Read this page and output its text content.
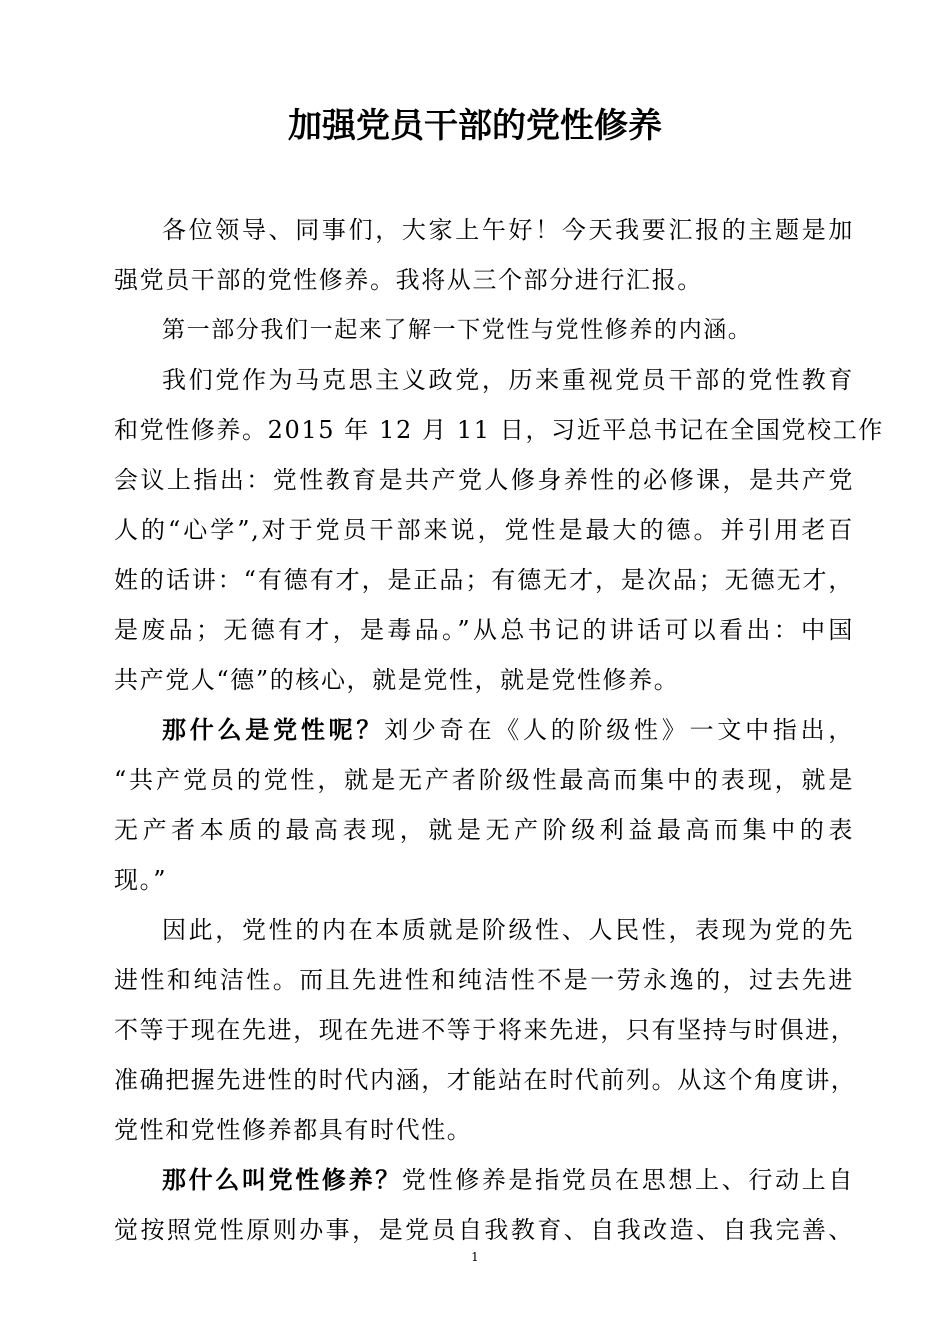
加强党员干部的党性修养
各位领导、同事们，大家上午好！今天我要汇报的主题是加
强党员干部的党性修养。我将从三个部分进行汇报。
第一部分我们一起来了解一下党性与党性修养的内涵。
我们党作为马克思主义政党，历来重视党员干部的党性教育
和党性修养。2015 年 12 月 11 日，习近平总书记在全国党校工作
会议上指出：党性教育是共产党人修身养性的必修课，是共产党
人的“心学”,对于党员干部来说，党性是最大的德。并引用老百
姓的话讲：“有德有才，是正品；有德无才，是次品；无德无才，
是废品；无德有才，是毒品。”从总书记的讲话可以看出：中国
共产党人“德”的核心，就是党性，就是党性修养。
那什么是党性呢？刘少奇在《人的阶级性》一文中指出，
“共产党员的党性，就是无产者阶级性最高而集中的表现，就是
无产者本质的最高表现，就是无产阶级利益最高而集中的表
现。”
因此，党性的内在本质就是阶级性、人民性，表现为党的先
进性和纯洁性。而且先进性和纯洁性不是一劳永逸的，过去先进
不等于现在先进，现在先进不等于将来先进，只有坚持与时俱进，
准确把握先进性的时代内涵，才能站在时代前列。从这个角度讲，
党性和党性修养都具有时代性。
那什么叫党性修养？党性修养是指党员在思想上、行动上自
觉按照党性原则办事，是党员自我教育、自我改造、自我完善、
1
